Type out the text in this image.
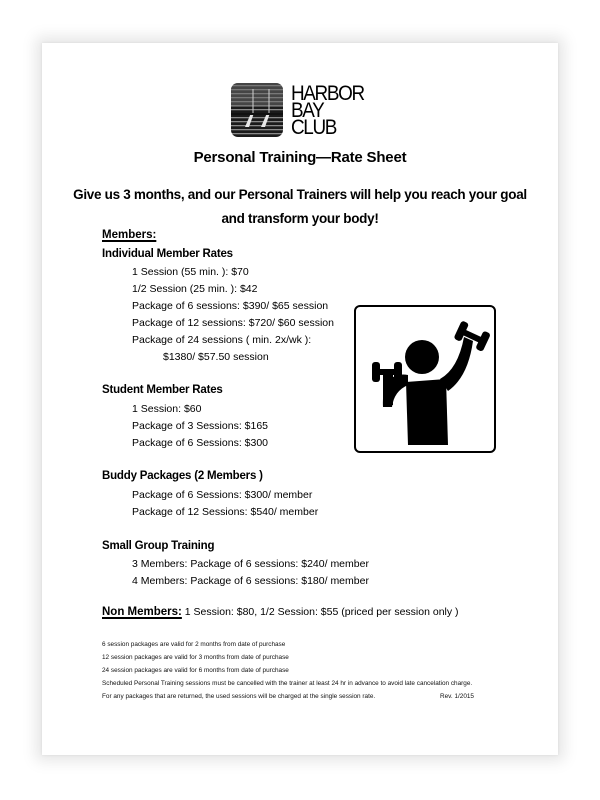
HARBOR
BAY
CLUB
Personal Training—Rate Sheet
Give us 3 months, and our Personal Trainers will help you reach your goal
and transform your body!
Members:
Individual Member Rates
1 Session (55 min. ): $70
1/2 Session (25 min. ): $42
Package of 6 sessions: $390/ $65 session
Package of 12 sessions: $720/ $60 session
Package of 24 sessions ( min. 2x/wk ):
$1380/ $57.50 session
Student Member Rates
1 Session: $60
Package of 3 Sessions: $165
Package of 6 Sessions: $300
Buddy Packages (2 Members )
Package of 6 Sessions: $300/ member
Package of 12 Sessions: $540/ member
Small Group Training
3 Members: Package of 6 sessions: $240/ member
4 Members: Package of 6 sessions: $180/ member
Non Members: 1 Session: $80, 1/2 Session: $55 (priced per session only )
6 session packages are valid for 2 months from date of purchase
12 session packages are valid for 3 months from date of purchase
24 session packages are valid for 6 months from date of purchase
Scheduled Personal Training sessions must be cancelled with the trainer at least 24 hr in advance to avoid late cancelation charge.
For any packages that are returned, the used sessions will be charged at the single session rate.	Rev. 1/2015
